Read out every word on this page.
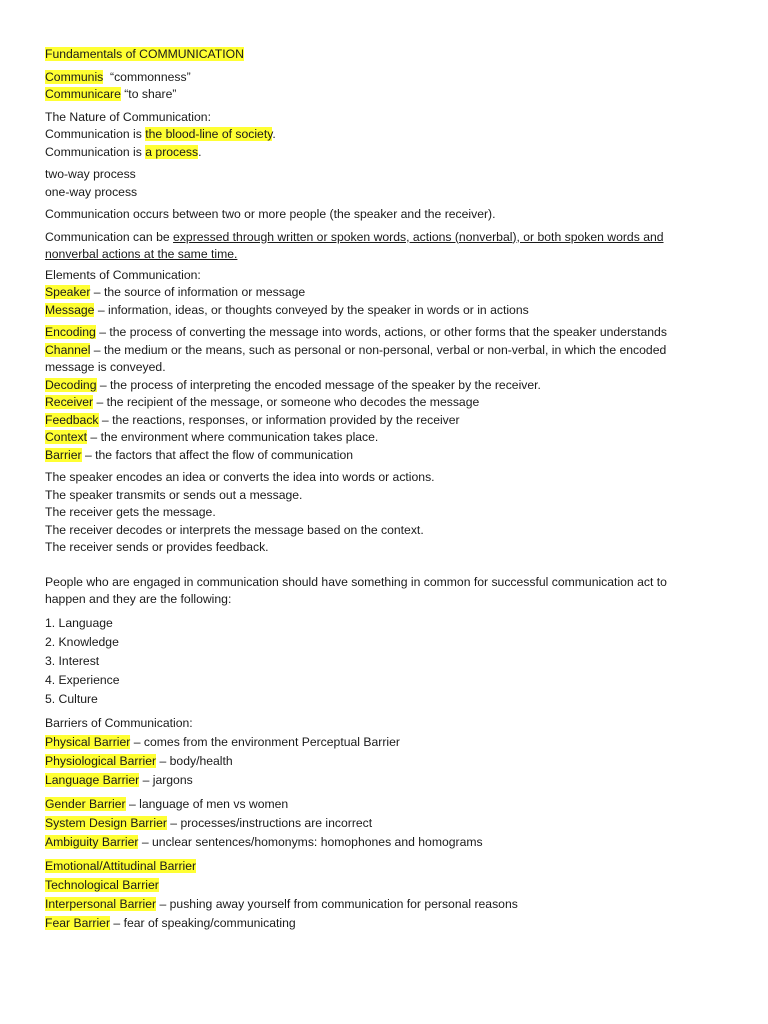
Fundamentals of COMMUNICATION
Communis “commonness”
Communicare “to share”
The Nature of Communication:
Communication is the blood-line of society.
Communication is a process.
two-way process
one-way process
Communication occurs between two or more people (the speaker and the receiver).
Communication can be expressed through written or spoken words, actions (nonverbal), or both spoken words and nonverbal actions at the same time.
Elements of Communication:
Speaker – the source of information or message
Message – information, ideas, or thoughts conveyed by the speaker in words or in actions
Encoding – the process of converting the message into words, actions, or other forms that the speaker understands
Channel – the medium or the means, such as personal or non-personal, verbal or non-verbal, in which the encoded message is conveyed.
Decoding – the process of interpreting the encoded message of the speaker by the receiver.
Receiver – the recipient of the message, or someone who decodes the message
Feedback – the reactions, responses, or information provided by the receiver
Context – the environment where communication takes place.
Barrier – the factors that affect the flow of communication
The speaker encodes an idea or converts the idea into words or actions.
The speaker transmits or sends out a message.
The receiver gets the message.
The receiver decodes or interprets the message based on the context.
The receiver sends or provides feedback.
People who are engaged in communication should have something in common for successful communication act to happen and they are the following:
1. Language
2. Knowledge
3. Interest
4. Experience
5. Culture
Barriers of Communication:
Physical Barrier – comes from the environment Perceptual Barrier
Physiological Barrier – body/health
Language Barrier – jargons
Gender Barrier – language of men vs women
System Design Barrier – processes/instructions are incorrect
Ambiguity Barrier – unclear sentences/homonyms: homophones and homograms
Emotional/Attitudinal Barrier
Technological Barrier
Interpersonal Barrier – pushing away yourself from communication for personal reasons
Fear Barrier – fear of speaking/communicating
